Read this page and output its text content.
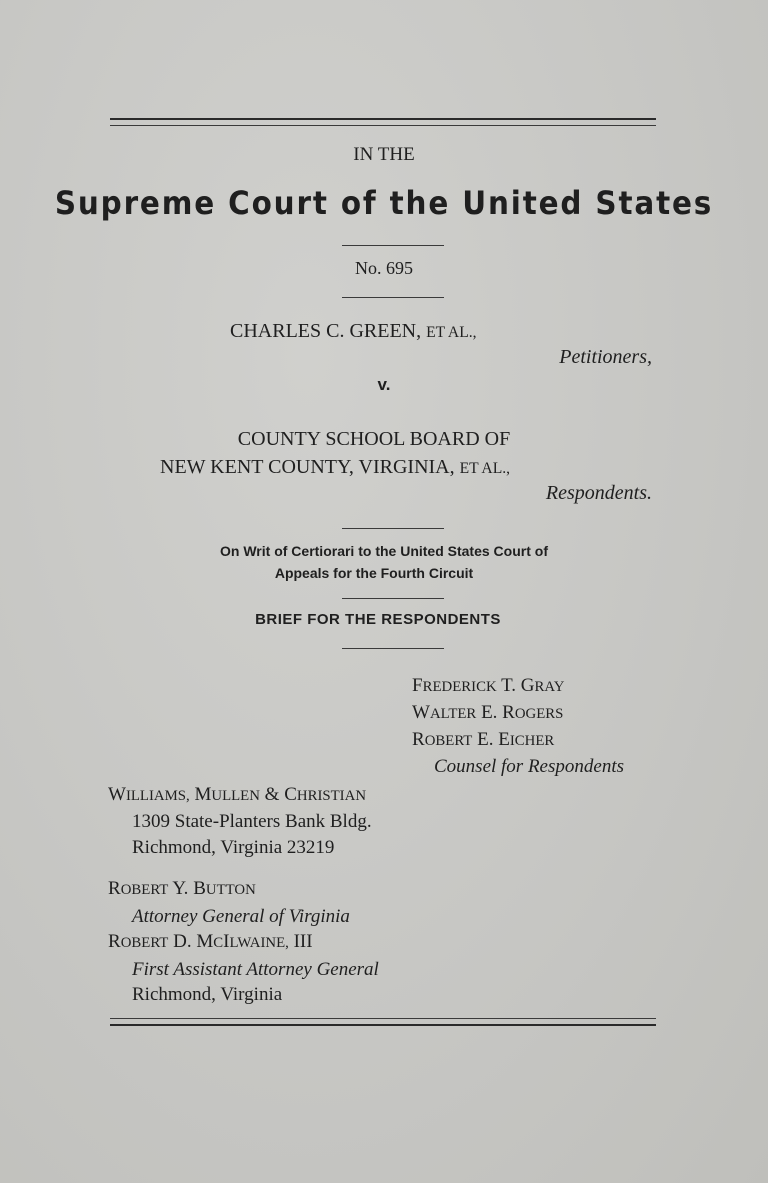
IN THE
Supreme Court of the United States
No. 695
CHARLES C. GREEN, ET AL.,
Petitioners,
v.
COUNTY SCHOOL BOARD OF
NEW KENT COUNTY, VIRGINIA, ET AL.,
Respondents.
On Writ of Certiorari to the United States Court of
Appeals for the Fourth Circuit
BRIEF FOR THE RESPONDENTS
FREDERICK T. GRAY
WALTER E. ROGERS
ROBERT E. EICHER
Counsel for Respondents
WILLIAMS, MULLEN & CHRISTIAN
1309 State-Planters Bank Bldg.
Richmond, Virginia 23219
ROBERT Y. BUTTON
Attorney General of Virginia
ROBERT D. MCILWAINE, III
First Assistant Attorney General
Richmond, Virginia
